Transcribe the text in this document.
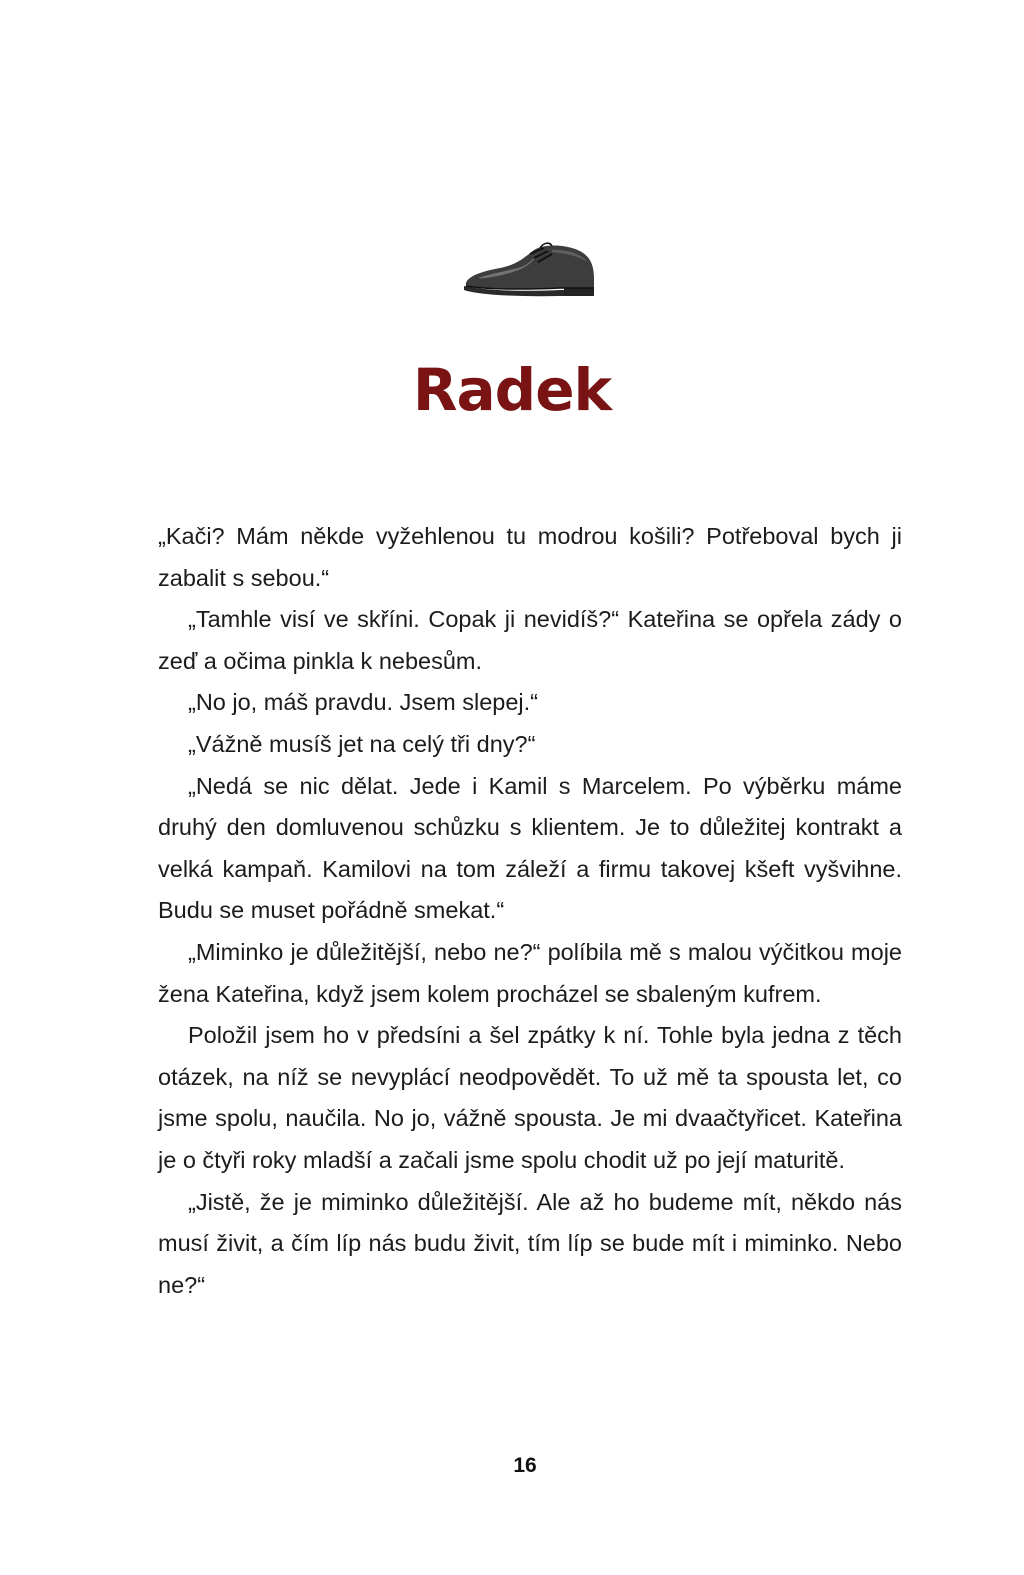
Radek

„Kači? Mám někde vyžehlenou tu modrou košili? Potřeboval bych ji zabalit s sebou.“

„Tamhle visí ve skříni. Copak ji nevidíš?“ Kateřina se opřela zády o zeď a očima pinkla k nebesům.

„No jo, máš pravdu. Jsem slepej.“

„Vážně musíš jet na celý tři dny?“

„Nedá se nic dělat. Jede i Kamil s Marcelem. Po výběrku máme druhý den domluvenou schůzku s klientem. Je to důležitej kontrakt a velká kampaň. Kamilovi na tom záleží a firmu takovej kšeft vyšvihne. Budu se muset pořádně smekat.“

„Miminko je důležitější, nebo ne?“ políbila mě s malou výčitkou moje žena Kateřina, když jsem kolem procházel se sbaleným kufrem.

Položil jsem ho v předsíni a šel zpátky k ní. Tohle byla jedna z těch otázek, na níž se nevyplácí neodpovědět. To už mě ta spousta let, co jsme spolu, naučila. No jo, vážně spousta. Je mi dvaačtyřicet. Kateřina je o čtyři roky mladší a začali jsme spolu chodit už po její maturitě.

„Jistě, že je miminko důležitější. Ale až ho budeme mít, někdo nás musí živit, a čím líp nás budu živit, tím líp se bude mít i miminko. Nebo ne?“

16
